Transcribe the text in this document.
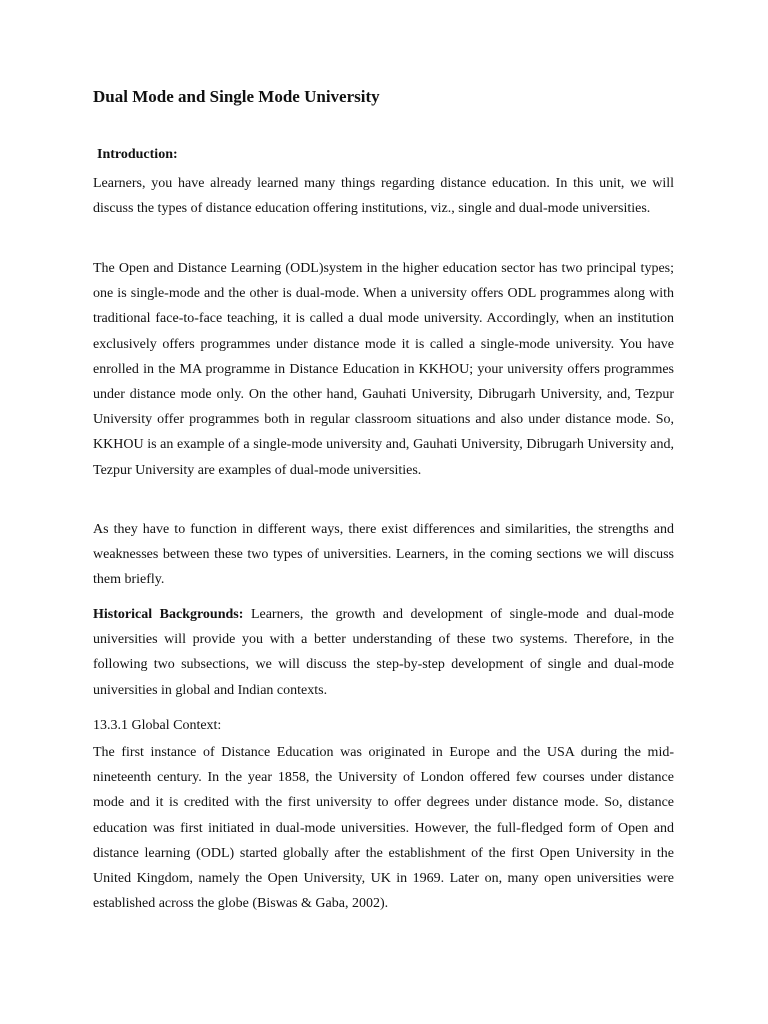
Dual Mode and Single Mode University
Introduction:

Learners, you have already learned many things regarding distance education. In this unit, we will discuss the types of distance education offering institutions, viz., single and dual-mode universities.

The Open and Distance Learning (ODL)system in the higher education sector has two principal types; one is single-mode and the other is dual-mode. When a university offers ODL programmes along with traditional face-to-face teaching, it is called a dual mode university. Accordingly, when an institution exclusively offers programmes under distance mode it is called a single-mode university. You have enrolled in the MA programme in Distance Education in KKHOU; your university offers programmes under distance mode only. On the other hand, Gauhati University, Dibrugarh University, and, Tezpur University offer programmes both in regular classroom situations and also under distance mode. So, KKHOU is an example of a single-mode university and, Gauhati University, Dibrugarh University and, Tezpur University are examples of dual-mode universities.

As they have to function in different ways, there exist differences and similarities, the strengths and weaknesses between these two types of universities. Learners, in the coming sections we will discuss them briefly.

Historical Backgrounds: Learners, the growth and development of single-mode and dual-mode universities will provide you with a better understanding of these two systems. Therefore, in the following two subsections, we will discuss the step-by-step development of single and dual-mode universities in global and Indian contexts.

13.3.1 Global Context:

The first instance of Distance Education was originated in Europe and the USA during the mid-nineteenth century. In the year 1858, the University of London offered few courses under distance mode and it is credited with the first university to offer degrees under distance mode. So, distance education was first initiated in dual-mode universities. However, the full-fledged form of Open and distance learning (ODL) started globally after the establishment of the first Open University in the United Kingdom, namely the Open University, UK in 1969. Later on, many open universities were established across the globe (Biswas & Gaba, 2002).
